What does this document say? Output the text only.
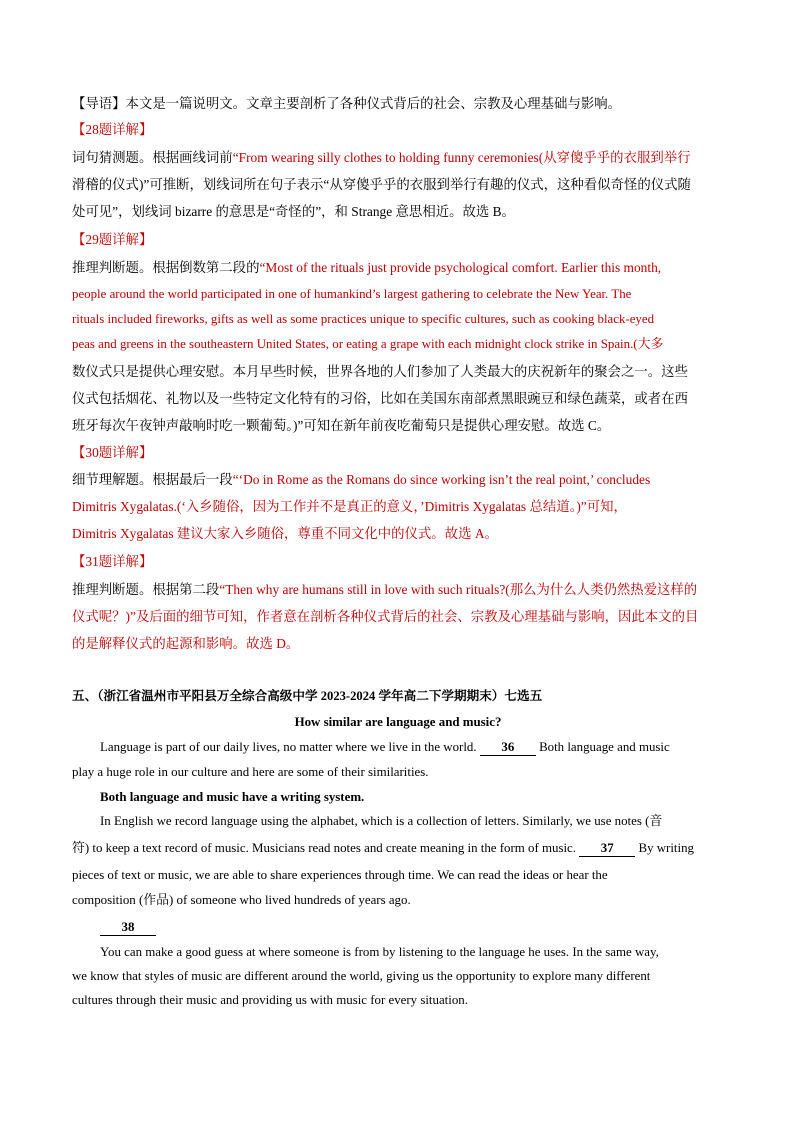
【导语】本文是一篇说明文。文章主要剖析了各种仪式背后的社会、宗教及心理基础与影响。
【28题详解】
词句猜测题。根据画线词前“From wearing silly clothes to holding funny ceremonies(从穿傻乎乎的衣服到举行
滑稽的仪式)”可推断，划线词所在句子表示“从穿傻乎乎的衣服到举行有趣的仪式，这种看似奇怪的仪式随
处可见”，划线词 bizarre 的意思是“奇怪的”，和 Strange 意思相近。故选 B。
【29题详解】
推理判断题。根据倒数第二段的“Most of the rituals just provide psychological comfort. Earlier this month,
people around the world participated in one of humankind’s largest gathering to celebrate the New Year. The
rituals included fireworks, gifts as well as some practices unique to specific cultures, such as cooking black-eyed
peas and greens in the southeastern United States, or eating a grape with each midnight clock strike in Spain.(大多
数仪式只是提供心理安慰。本月早些时候，世界各地的人们参加了人类最大的庆祝新年的聚会之一。这些
仪式包括烟花、礼物以及一些特定文化特有的习俗，比如在美国东南部煮黑眼豌豆和绿色蔬菜，或者在西
班牙每次午夜钟声敲响时吃一颗葡萄。)”可知在新年前夜吃葡萄只是提供心理安慰。故选 C。
【30题详解】
细节理解题。根据最后一段“‘Do in Rome as the Romans do since working isn’t the real point,’ concludes
Dimitris Xygalatas.(‘入乡随俗，因为工作并不是真正的意义，’Dimitris Xygalatas 总结道。)”可知，
Dimitris Xygalatas 建议大家入乡随俗，尊重不同文化中的仪式。故选 A。
【31题详解】
推理判断题。根据第二段“Then why are humans still in love with such rituals?(那么为什么人类仍然热爱这样的
仪式呢？)”及后面的细节可知，作者意在剖析各种仪式背后的社会、宗教及心理基础与影响，因此本文的目
的是解释仪式的起源和影响。故选 D。
五、（浙江省温州市平阳县万全综合高级中学 2023-2024 学年高二下学期期末）七选五
How similar are language and music?
Language is part of our daily lives, no matter where we live in the world. 36 Both language and music
play a huge role in our culture and here are some of their similarities.
Both language and music have a writing system.
In English we record language using the alphabet, which is a collection of letters. Similarly, we use notes (音
符) to keep a text record of music. Musicians read notes and create meaning in the form of music. 37 By writing
pieces of text or music, we are able to share experiences through time. We can read the ideas or hear the
composition (作品) of someone who lived hundreds of years ago.
38
You can make a good guess at where someone is from by listening to the language he uses. In the same way,
we know that styles of music are different around the world, giving us the opportunity to explore many different
cultures through their music and providing us with music for every situation.
